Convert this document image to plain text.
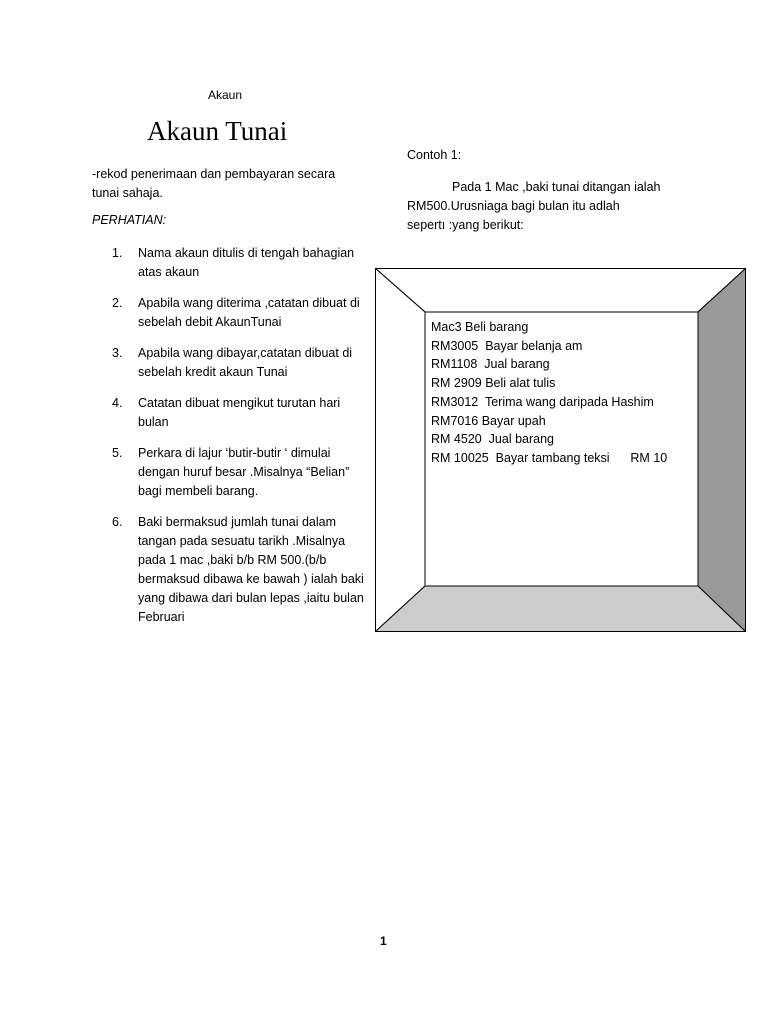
Akaun
Akaun Tunai
-rekod penerimaan dan pembayaran secara tunai sahaja.
PERHATIAN:
1. Nama akaun ditulis di tengah bahagian atas akaun
2. Apabila wang diterima ,catatan dibuat di sebelah debit AkaunTunai
3. Apabila wang dibayar,catatan dibuat di sebelah kredit akaun Tunai
4. Catatan dibuat mengikut turutan hari bulan
5. Perkara di lajur ‘butir-butir ‘ dimulai dengan huruf besar .Misalnya “Belian” bagi membeli barang.
6. Baki bermaksud jumlah tunai dalam tangan pada sesuatu tarikh .Misalnya pada 1 mac ,baki b/b RM 500.(b/b bermaksud dibawa ke bawah ) ialah baki yang dibawa dari bulan lepas ,iaitu bulan Februari
Contoh 1:
Pada 1 Mac ,baki tunai ditangan ialah
RM500.Urusniaga bagi bulan itu adlah
sepertı :yang berikut:
Mac3 Beli barang
RM3005  Bayar belanja am
RM1108  Jual barang
RM 2909 Beli alat tulis
RM3012  Terima wang daripada Hashim
RM7016 Bayar upah
RM 4520  Jual barang
RM 10025  Bayar tambang teksi      RM 10
1
